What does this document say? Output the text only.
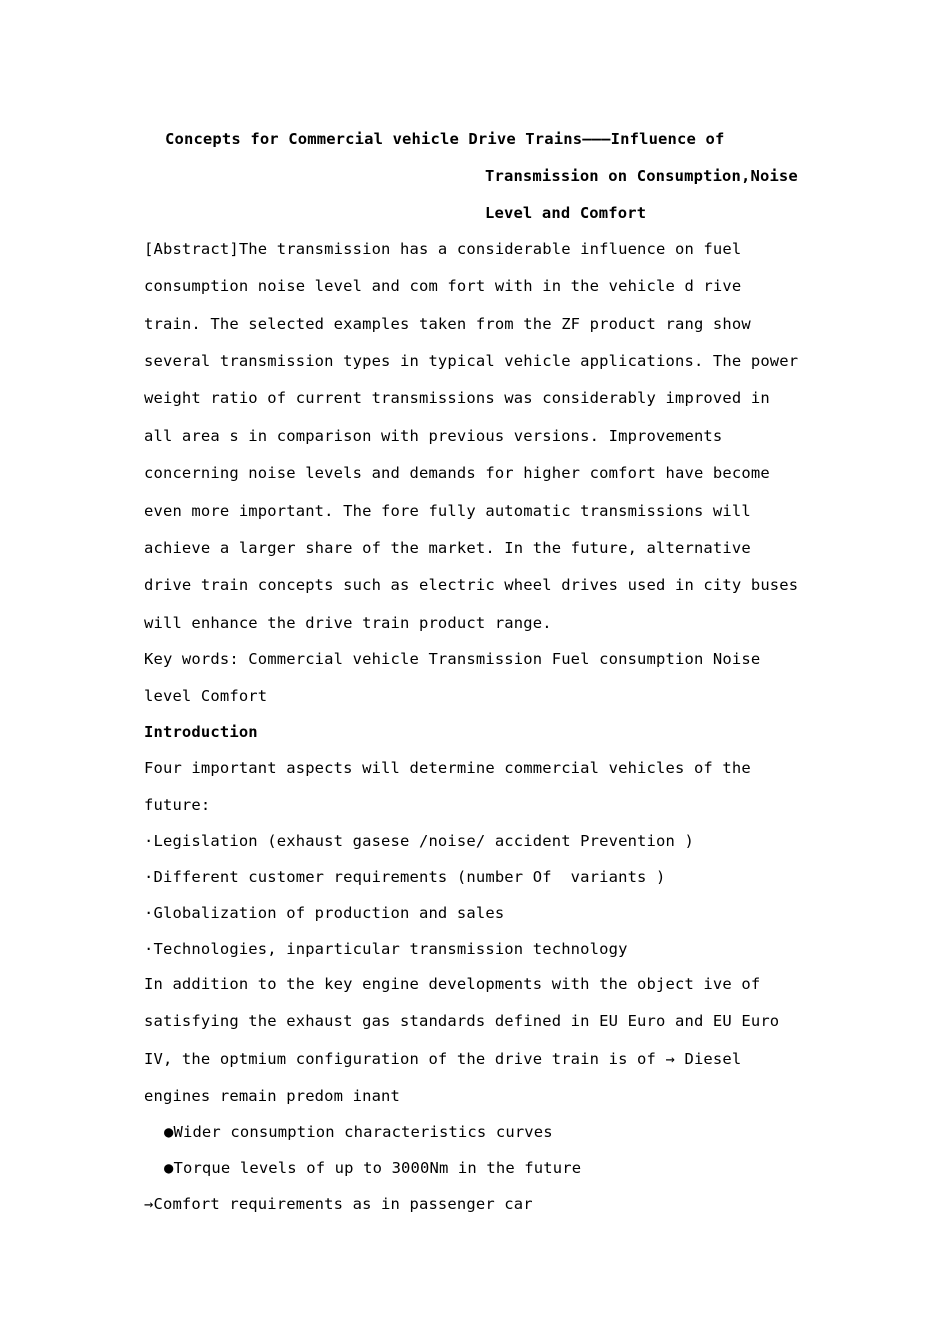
Concepts for Commercial vehicle Drive Trains———Influence of
Transmission on Consumption,Noise
Level and Comfort
[Abstract]The transmission has a considerable influence on fuel
consumption noise level and com fort with in the vehicle d rive
train. The selected examples taken from the ZF product rang show
several transmission types in typical vehicle applications. The power
weight ratio of current transmissions was considerably improved in
all area s in comparison with previous versions. Improvements
concerning noise levels and demands for higher comfort have become
even more important. The fore fully automatic transmissions will
achieve a larger share of the market. In the future, alternative
drive train concepts such as electric wheel drives used in city buses
will enhance the drive train product range.
Key words: Commercial vehicle Transmission Fuel consumption Noise
level Comfort
Introduction
Four important aspects will determine commercial vehicles of the
future:
·Legislation (exhaust gasese /noise/ accident Prevention )
·Different customer requirements (number Of  variants )
·Globalization of production and sales
·Technologies, inparticular transmission technology
In addition to the key engine developments with the object ive of
satisfying the exhaust gas standards defined in EU Euro and EU Euro
IV, the optmium configuration of the drive train is of → Diesel
engines remain predom inant
●Wider consumption characteristics curves
●Torque levels of up to 3000Nm in the future
→Comfort requirements as in passenger car
